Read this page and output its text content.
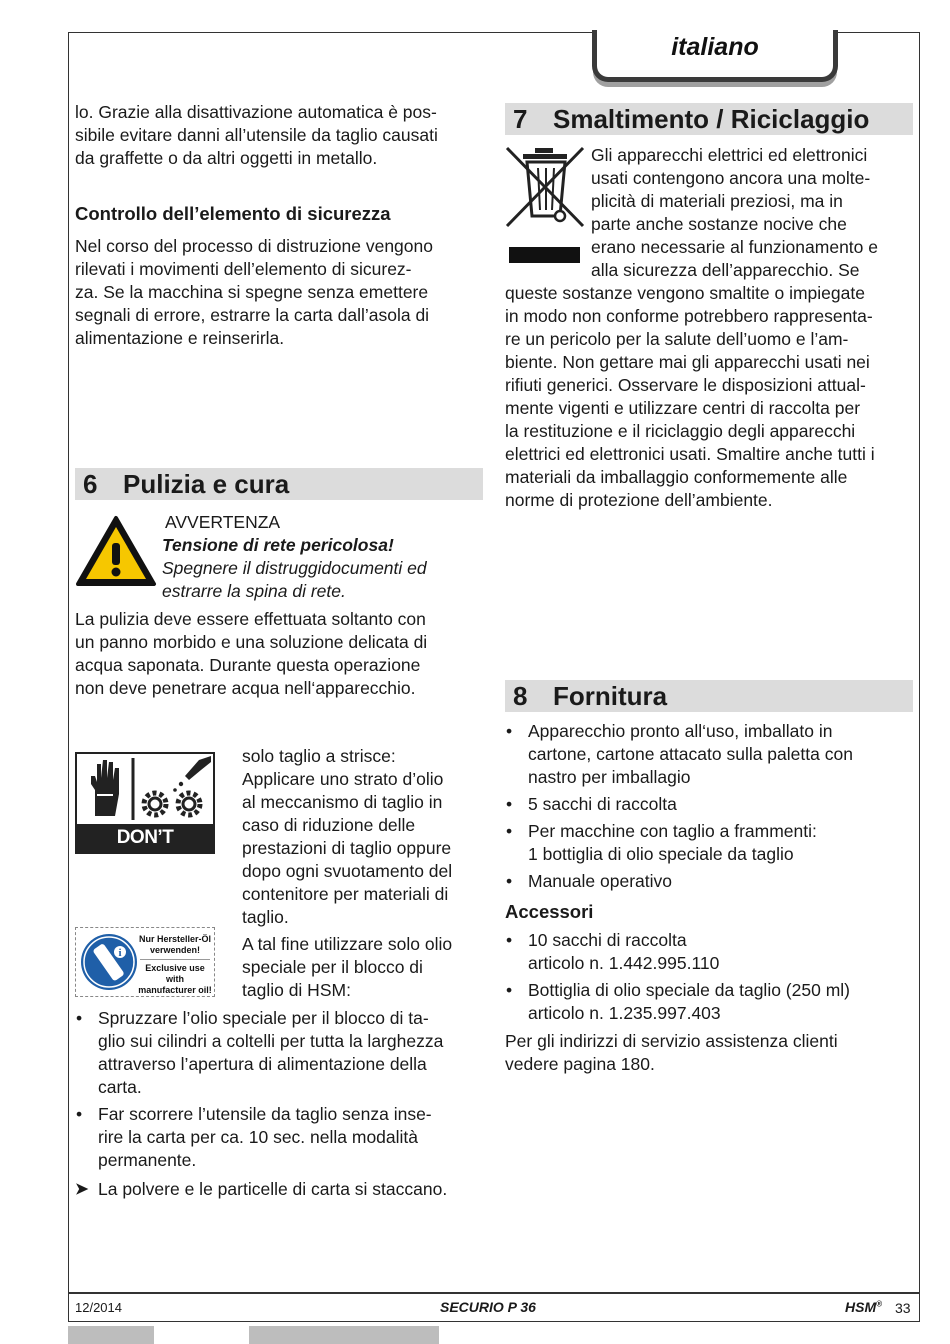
italiano

lo. Grazie alla disattivazione automatica è pos-

sibile evitare danni all’utensile da taglio causati

da graffette o da altri oggetti in metallo.

Controllo dell’elemento di sicurezza

Nel corso del processo di distruzione vengono

rilevati i movimenti dell’elemento di sicurez-

za. Se la macchina si spegne senza emettere

segnali di errore, estrarre la carta dall’asola di

alimentazione e reinserirla.

6 Pulizia e cura

AVVERTENZA

Tensione di rete pericolosa!

Spegnere il distruggidocumenti ed

estrarre la spina di rete.

La pulizia deve essere effettuata soltanto con

un panno morbido e una soluzione delicata di

acqua saponata. Durante questa operazione

non deve penetrare acqua nell‘apparecchio.

DON’T FORGET

solo taglio a strisce:

Applicare uno strato d’olio

al meccanismo di taglio in

caso di riduzione delle

prestazioni di taglio oppure

dopo ogni svuotamento del

contenitore per materiali di

taglio.

i
Nur Hersteller-Öl
verwenden!
Exclusive use with
manufacturer oil!

A tal fine utilizzare solo olio

speciale per il blocco di

taglio di HSM:

• Spruzzare l’olio speciale per il blocco di ta-
glio sui cilindri a coltelli per tutta la larghezza
attraverso l’apertura di alimentazione della
carta.
• Far scorrere l’utensile da taglio senza inse-
rire la carta per ca. 10 sec. nella modalità
permanente.
➤ La polvere e le particelle di carta si staccano.
7 Smaltimento / Riciclaggio

Gli apparecchi elettrici ed elettronici

usati contengono ancora una molte-

plicità di materiali preziosi, ma in

parte anche sostanze nocive che

erano necessarie al funzionamento e

alla sicurezza dell’apparecchio. Se

queste sostanze vengono smaltite o impiegate

in modo non conforme potrebbero rappresenta-

re un pericolo per la salute dell’uomo e l’am-

biente. Non gettare mai gli apparecchi usati nei

rifiuti generici. Osservare le disposizioni attual-

mente vigenti e utilizzare centri di raccolta per

la restituzione e il riciclaggio degli apparecchi

elettrici ed elettronici usati. Smaltire anche tutti i

materiali da imballaggio conformemente alle

norme di protezione dell’ambiente.

8 Fornitura
• Apparecchio pronto all‘uso, imballato in
cartone, cartone attacato sulla paletta con
nastro per imballagio
• 5 sacchi di raccolta
• Per macchine con taglio a frammenti:
1 bottiglia di olio speciale da taglio
• Manuale operativo

Accessori

• 10 sacchi di raccolta
articolo n. 1.442.995.110
• Bottiglia di olio speciale da taglio (250 ml)
articolo n. 1.235.997.403

Per gli indirizzi di servizio assistenza clienti

vedere pagina 180.

12/2014	SECURIO P 36	HSM® 33
